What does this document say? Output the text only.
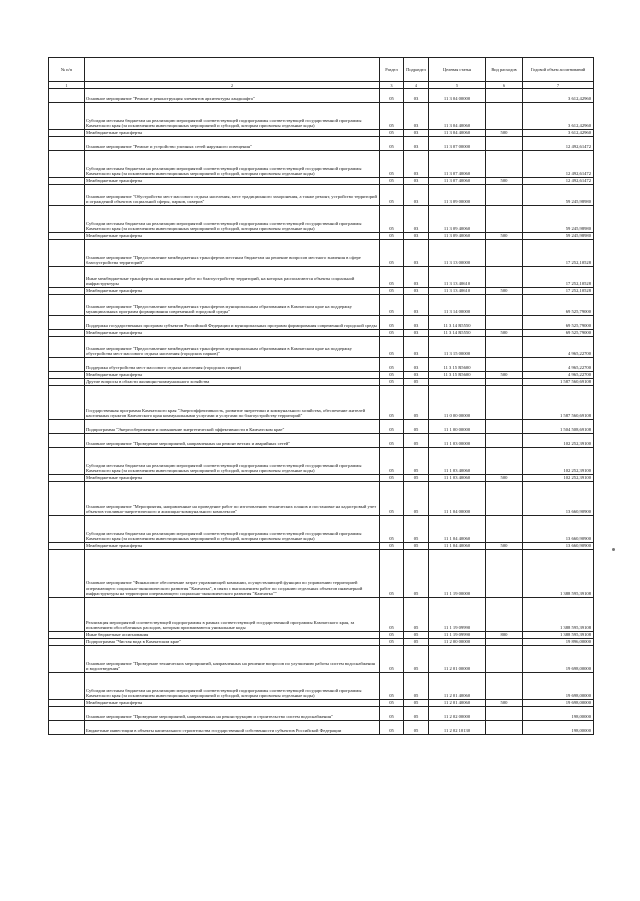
№ п/п		Раздел	Подраздел	Целевая статья	Вид расходов	Годовой объем ассигнований
1	2	3	4	5	6	7
	Основное мероприятие "Ремонт и реконструкция элементов архитектуры ландшафта"	05	03	11 3 04 00000		3 612,42960
	Субсидии местным бюджетам на реализацию мероприятий соответствующей подпрограммы соответствующей государственной программы Камчатского края (за исключением инвестиционных мероприятий и субсидий, которым присвоены отдельные коды)	05	03	11 3 04 40060		3 612,42960
	Межбюджетные трансферты	05	03	11 3 04 40060	500	3 612,42960
	Основное мероприятие "Ремонт и устройство уличных сетей наружного освещения"	05	03	11 3 07 00000		12 492,61472
	Субсидии местным бюджетам на реализацию мероприятий соответствующей подпрограммы соответствующей государственной программы Камчатского края (за исключением инвестиционных мероприятий и субсидий, которым присвоены отдельные коды)	05	03	11 3 07 40060		12 492,61472
	Межбюджетные трансферты	05	03	11 3 07 40060	500	12 492,61472
	Основное мероприятие "Обустройство мест массового отдыха населения, мест традиционного захоронения, а также ремонт, устройство территорий и ограждений объектов социальной сферы, парков, скверов"	05	03	11 3 09 00000		59 245,98980
	Субсидии местным бюджетам на реализацию мероприятий соответствующей подпрограммы соответствующей государственной программы Камчатского края (за исключением инвестиционных мероприятий и субсидий, которым присвоены отдельные коды)	05	03	11 3 09 40060		59 245,98980
	Межбюджетные трансферты	05	03	11 3 09 40060	500	59 245,98980
	Основное мероприятие "Предоставление межбюджетных трансфертов местным бюджетам на решение вопросов местного значения в сфере благоустройства территорий"	05	03	11 3 13 00000		17 252,10528
	Иные межбюджетные трансферты на выполнение работ по благоустройству территорий, на которых располагаются объекты социальной инфраструктуры	05	03	11 3 13 40610		17 252,10528
	Межбюджетные трансферты	05	03	11 3 13 40610	500	17 252,10528
	Основное мероприятие "Предоставление межбюджетных трансфертов муниципальным образованиям в Камчатском крае на поддержку муниципальных программ формирования современной городской среды"	05	03	11 3 14 00000		69 525,79000
	Поддержка государственных программ субъектов Российской Федерации и муниципальных программ формирования современной городской среды	05	03	11 3 14 R5550		69 525,79000
	Межбюджетные трансферты	05	03	11 3 14 R5550	500	69 525,79000
	Основное мероприятие "Предоставление межбюджетных трансфертов муниципальным образованиям в Камчатском крае на поддержку обустройства мест массового отдыха населения (городских парков)"	05	03	11 3 15 00000		4 965,22700
	Поддержка обустройства мест массового отдыха населения (городских парков)	05	03	11 3 15 R5600		4 965,22700
	Межбюджетные трансферты	05	03	11 3 15 R5600	500	4 965,22700
	Другие вопросы в области жилищно-коммунального хозяйства	05	05			1 587 560,69108
	Государственная программа Камчатского края "Энергоэффективность, развитие энергетики и коммунального хозяйства, обеспечение жителей населенных пунктов Камчатского края коммунальными услугами и услугами по благоустройству территорий"	05	05	11 0 00 00000		1 587 560,69108
	Подпрограмма "Энергосбережение и повышение энергетической эффективности в Камчатском крае"	05	05	11 1 00 00000		1 504 508,69108
	Основное мероприятие "Проведение мероприятий, направленных на ремонт ветхих и аварийных сетей"	05	05	11 1 03 00000		102 252,39100
	Субсидии местным бюджетам на реализацию мероприятий соответствующей подпрограммы соответствующей государственной программы Камчатского края (за исключением инвестиционных мероприятий и субсидий, которым присвоены отдельные коды)	05	05	11 1 03 40060		102 252,39100
	Межбюджетные трансферты	05	05	11 1 03 40060	500	102 252,39100
	Основное мероприятие "Мероприятия, направленные на проведение работ по изготовлению технических планов и постановке на кадастровый учет объектов топливно-энергетического и жилищно-коммунального комплексов"	05	05	11 1 04 00000		13 660,90900
	Субсидии местным бюджетам на реализацию мероприятий соответствующей подпрограммы соответствующей государственной программы Камчатского края (за исключением инвестиционных мероприятий и субсидий, которым присвоены отдельные коды)	05	05	11 1 04 40060		13 660,90900
	Межбюджетные трансферты	05	05	11 1 04 40060	500	13 660,90900
	Основное мероприятие "Финансовое обеспечение затрат управляющей компании, осуществляющей функции по управлению территорией опережающего социально-экономического развития "Камчатка", в связи с выполнением работ по созданию отдельных объектов инженерной инфраструктуры на территории опережающего социально-экономического развития "Камчатка""	05	05	11 1 19 00000		1 388 595,39108
	Реализация мероприятий соответствующей подпрограммы в рамках соответствующей государственной программы Камчатского края, за исключением обособленных расходов, которым присваиваются уникальные коды	05	05	11 1 19 09990		1 388 595,39108
	Иные бюджетные ассигнования	05	05	11 1 19 09990	800	1 388 595,39108
	Подпрограмма "Чистая вода в Камчатском крае"	05	05	11 2 00 00000		19 896,00000
	Основное мероприятие "Проведение технических мероприятий, направленных на решение вопросов по улучшению работы систем водоснабжения и водоотведения"	05	05	11 2 01 00000		19 698,00000
	Субсидии местным бюджетам на реализацию мероприятий соответствующей подпрограммы соответствующей государственной программы Камчатского края (за исключением инвестиционных мероприятий и субсидий, которым присвоены отдельные коды)	05	05	11 2 01 40060		19 698,00000
	Межбюджетные трансферты	05	05	11 2 01 40060	500	19 698,00000
	Основное мероприятие "Проведение мероприятий, направленных на реконструкцию и строительство систем водоснабжения"	05	05	11 2 02 00000		198,00000
	Бюджетные инвестиции в объекты капитального строительства государственной собственности субъектов Российской Федерации	05	05	11 2 02 10130		198,00000
